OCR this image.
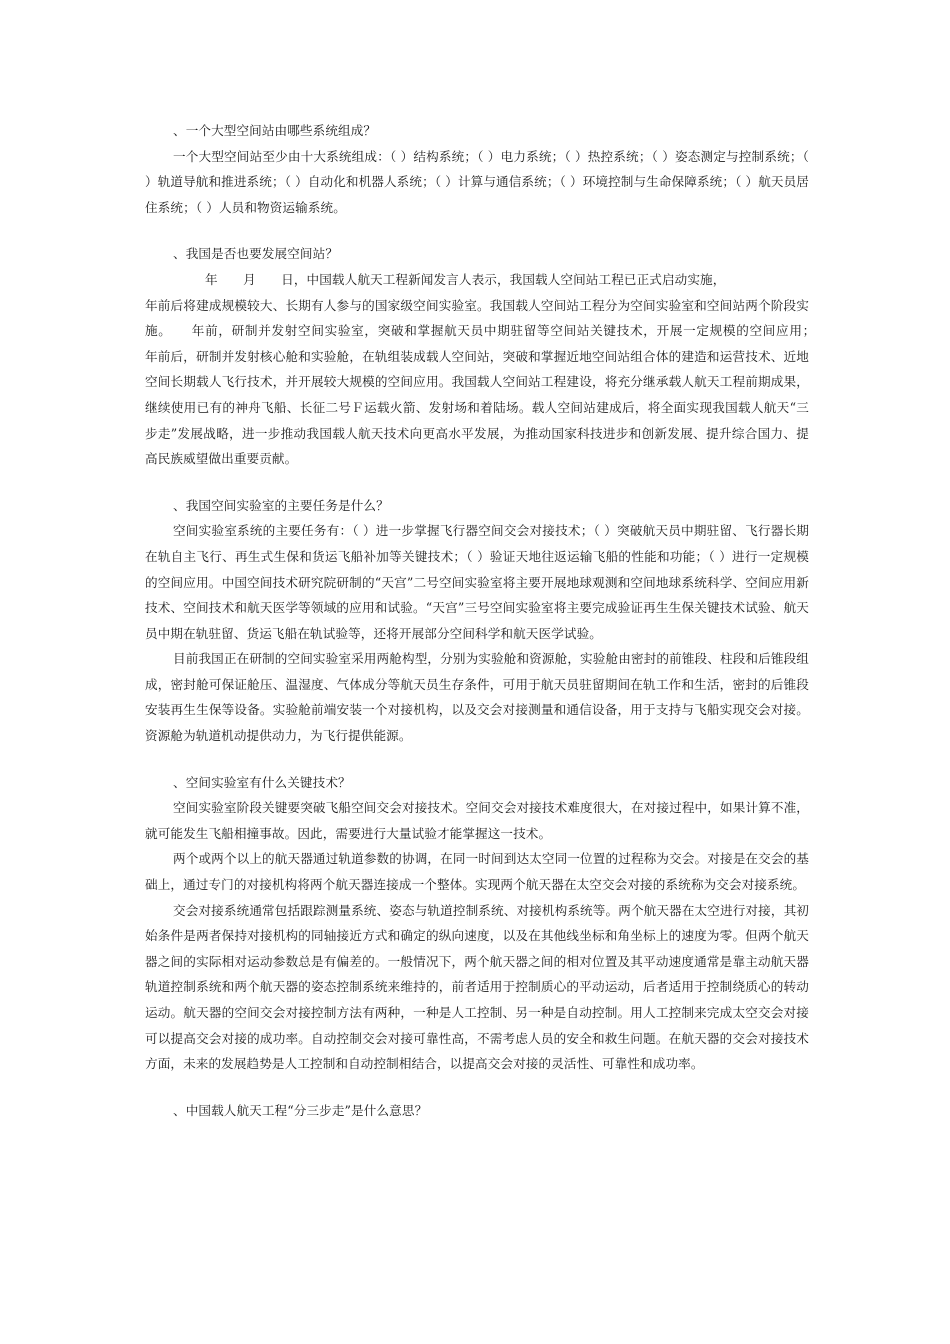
、一个大型空间站由哪些系统组成？

一个大型空间站至少由十大系统组成：（ ）结构系统；（ ）电力系统；（ ）热控系统；（ ）姿态测定与控制系统；（ ）轨道导航和推进系统；（ ）自动化和机器人系统；（ ）计算与通信系统；（ ）环境控制与生命保障系统；（ ）航天员居住系统；（ ）人员和物资运输系统。

、我国是否也要发展空间站？

年　　月　　日，中国载人航天工程新闻发言人表示，我国载人空间站工程已正式启动实施，

年前后将建成规模较大、长期有人参与的国家级空间实验室。我国载人空间站工程分为空间实验室和空间站两个阶段实施。　　年前，研制并发射空间实验室，突破和掌握航天员中期驻留等空间站关键技术，开展一定规模的空间应用；　　年前后，研制并发射核心舱和实验舱，在轨组装成载人空间站，突破和掌握近地空间站组合体的建造和运营技术、近地空间长期载人飞行技术，并开展较大规模的空间应用。我国载人空间站工程建设，将充分继承载人航天工程前期成果，继续使用已有的神舟飞船、长征二号Ｆ运载火箭、发射场和着陆场。载人空间站建成后，将全面实现我国载人航天“三步走”发展战略，进一步推动我国载人航天技术向更高水平发展，为推动国家科技进步和创新发展、提升综合国力、提高民族威望做出重要贡献。

、我国空间实验室的主要任务是什么？

空间实验室系统的主要任务有：（ ）进一步掌握飞行器空间交会对接技术；（ ）突破航天员中期驻留、飞行器长期在轨自主飞行、再生式生保和货运飞船补加等关键技术；（ ）验证天地往返运输飞船的性能和功能；（ ）进行一定规模的空间应用。中国空间技术研究院研制的“天宫”二号空间实验室将主要开展地球观测和空间地球系统科学、空间应用新技术、空间技术和航天医学等领域的应用和试验。“天宫”三号空间实验室将主要完成验证再生生保关键技术试验、航天员中期在轨驻留、货运飞船在轨试验等，还将开展部分空间科学和航天医学试验。

目前我国正在研制的空间实验室采用两舱构型，分别为实验舱和资源舱，实验舱由密封的前锥段、柱段和后锥段组成，密封舱可保证舱压、温湿度、气体成分等航天员生存条件，可用于航天员驻留期间在轨工作和生活，密封的后锥段安装再生生保等设备。实验舱前端安装一个对接机构，以及交会对接测量和通信设备，用于支持与飞船实现交会对接。资源舱为轨道机动提供动力，为飞行提供能源。

、空间实验室有什么关键技术？

空间实验室阶段关键要突破飞船空间交会对接技术。空间交会对接技术难度很大，在对接过程中，如果计算不准，就可能发生飞船相撞事故。因此，需要进行大量试验才能掌握这一技术。

两个或两个以上的航天器通过轨道参数的协调，在同一时间到达太空同一位置的过程称为交会。对接是在交会的基础上，通过专门的对接机构将两个航天器连接成一个整体。实现两个航天器在太空交会对接的系统称为交会对接系统。

交会对接系统通常包括跟踪测量系统、姿态与轨道控制系统、对接机构系统等。两个航天器在太空进行对接，其初始条件是两者保持对接机构的同轴接近方式和确定的纵向速度，以及在其他线坐标和角坐标上的速度为零。但两个航天器之间的实际相对运动参数总是有偏差的。一般情况下，两个航天器之间的相对位置及其平动速度通常是靠主动航天器轨道控制系统和两个航天器的姿态控制系统来维持的，前者适用于控制质心的平动运动，后者适用于控制绕质心的转动运动。航天器的空间交会对接控制方法有两种，一种是人工控制、另一种是自动控制。用人工控制来完成太空交会对接可以提高交会对接的成功率。自动控制交会对接可靠性高，不需考虑人员的安全和救生问题。在航天器的交会对接技术方面，未来的发展趋势是人工控制和自动控制相结合，以提高交会对接的灵活性、可靠性和成功率。

、中国载人航天工程“分三步走”是什么意思？
